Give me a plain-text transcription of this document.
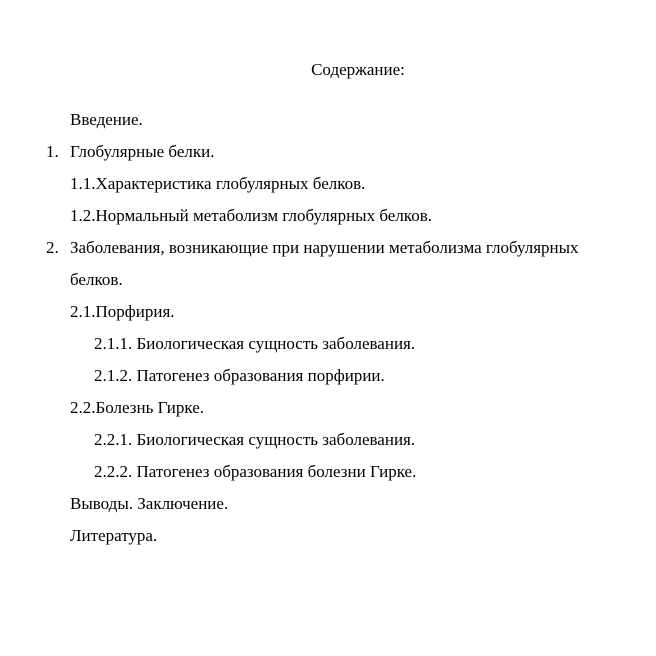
Содержание:
Введение.
1. Глобулярные белки.
1.1.Характеристика глобулярных белков.
1.2.Нормальный метаболизм глобулярных белков.
2. Заболевания, возникающие при нарушении метаболизма глобулярных
белков.
2.1.Порфирия.
2.1.1. Биологическая сущность заболевания.
2.1.2. Патогенез образования порфирии.
2.2.Болезнь Гирке.
2.2.1. Биологическая сущность заболевания.
2.2.2. Патогенез образования болезни Гирке.
Выводы. Заключение.
Литература.
